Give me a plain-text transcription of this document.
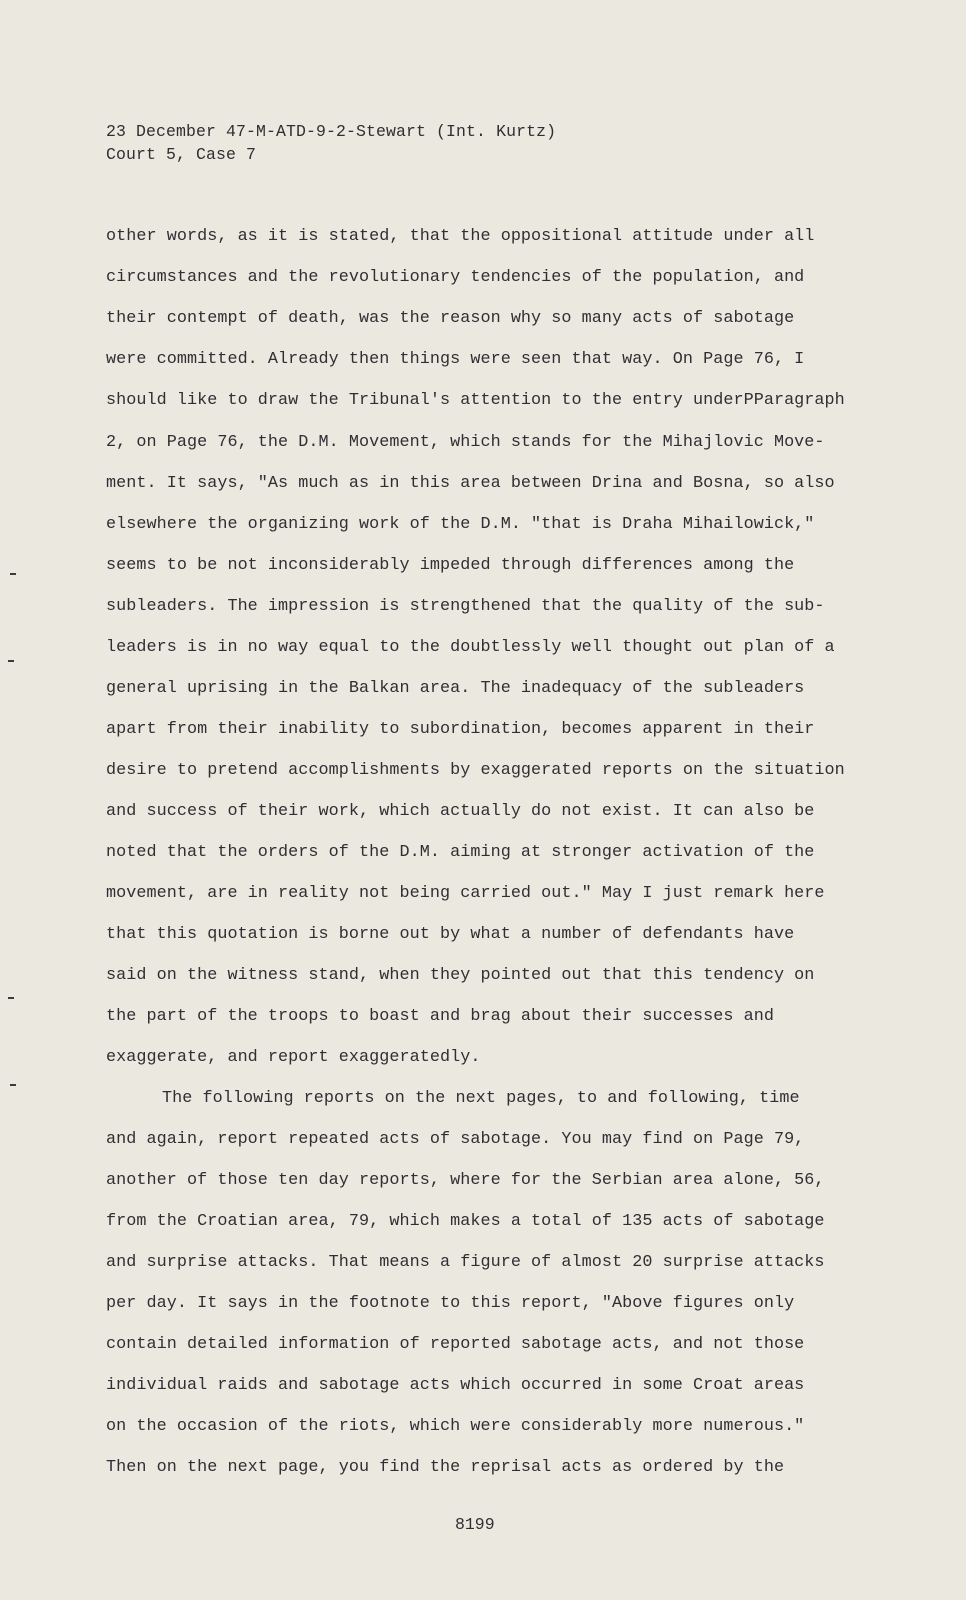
23 December 47-M-ATD-9-2-Stewart (Int. Kurtz)
Court 5, Case 7
other words, as it is stated, that the oppositional attitude under all
circumstances and the revolutionary tendencies of the population, and
their contempt of death, was the reason why so many acts of sabotage
were committed. Already then things were seen that way. On Page 76, I
should like to draw the Tribunal's attention to the entry underPParagraph
2, on Page 76, the D.M. Movement, which stands for the Mihajlovic Move-
ment. It says, "As much as in this area between Drina and Bosna, so also
elsewhere the organizing work of the D.M. "that is Draha Mihailowick,"
seems to be not inconsiderably impeded through differences among the
subleaders. The impression is strengthened that the quality of the sub-
leaders is in no way equal to the doubtlessly well thought out plan of a
general uprising in the Balkan area. The inadequacy of the subleaders
apart from their inability to subordination, becomes apparent in their
desire to pretend accomplishments by exaggerated reports on the situation
and success of their work, which actually do not exist. It can also be
noted that the orders of the D.M. aiming at stronger activation of the
movement, are in reality not being carried out." May I just remark here
that this quotation is borne out by what a number of defendants have
said on the witness stand, when they pointed out that this tendency on
the part of the troops to boast and brag about their successes and
exaggerate, and report exaggeratedly.
The following reports on the next pages, to and following, time
and again, report repeated acts of sabotage. You may find on Page 79,
another of those ten day reports, where for the Serbian area alone, 56,
from the Croatian area, 79, which makes a total of 135 acts of sabotage
and surprise attacks. That means a figure of almost 20 surprise attacks
per day. It says in the footnote to this report, "Above figures only
contain detailed information of reported sabotage acts, and not those
individual raids and sabotage acts which occurred in some Croat areas
on the occasion of the riots, which were considerably more numerous."
Then on the next page, you find the reprisal acts as ordered by the
8199
